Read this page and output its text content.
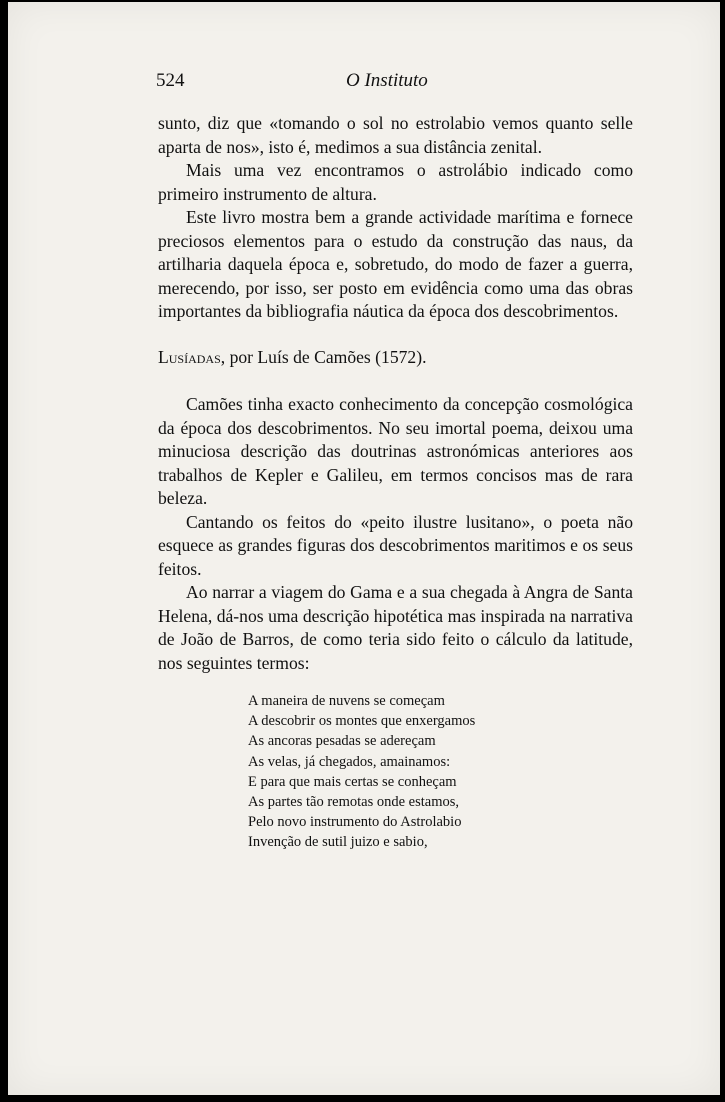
524	O Instituto

sunto, diz que «tomando o sol no estrolabio vemos quanto selle aparta de nos», isto é, medimos a sua distância zenital.

Mais uma vez encontramos o astrolábio indicado como primeiro instrumento de altura.

Este livro mostra bem a grande actividade marítima e fornece preciosos elementos para o estudo da construção das naus, da artilharia daquela época e, sobretudo, do modo de fazer a guerra, merecendo, por isso, ser posto em evidência como uma das obras importantes da bibliografia náutica da época dos descobrimentos.

Lusíadas, por Luís de Camões (1572).

Camões tinha exacto conhecimento da concepção cosmológica da época dos descobrimentos. No seu imortal poema, deixou uma minuciosa descrição das doutrinas astronómicas anteriores aos trabalhos de Kepler e Galileu, em termos concisos mas de rara beleza.

Cantando os feitos do «peito ilustre lusitano», o poeta não esquece as grandes figuras dos descobrimentos maritimos e os seus feitos.

Ao narrar a viagem do Gama e a sua chegada à Angra de Santa Helena, dá-nos uma descrição hipotética mas inspirada na narrativa de João de Barros, de como teria sido feito o cálculo da latitude, nos seguintes termos:

A maneira de nuvens se começam
A descobrir os montes que enxergamos
As ancoras pesadas se adereçam
As velas, já chegados, amainamos:
E para que mais certas se conheçam
As partes tão remotas onde estamos,
Pelo novo instrumento do Astrolabio
Invenção de sutil juizo e sabio,
